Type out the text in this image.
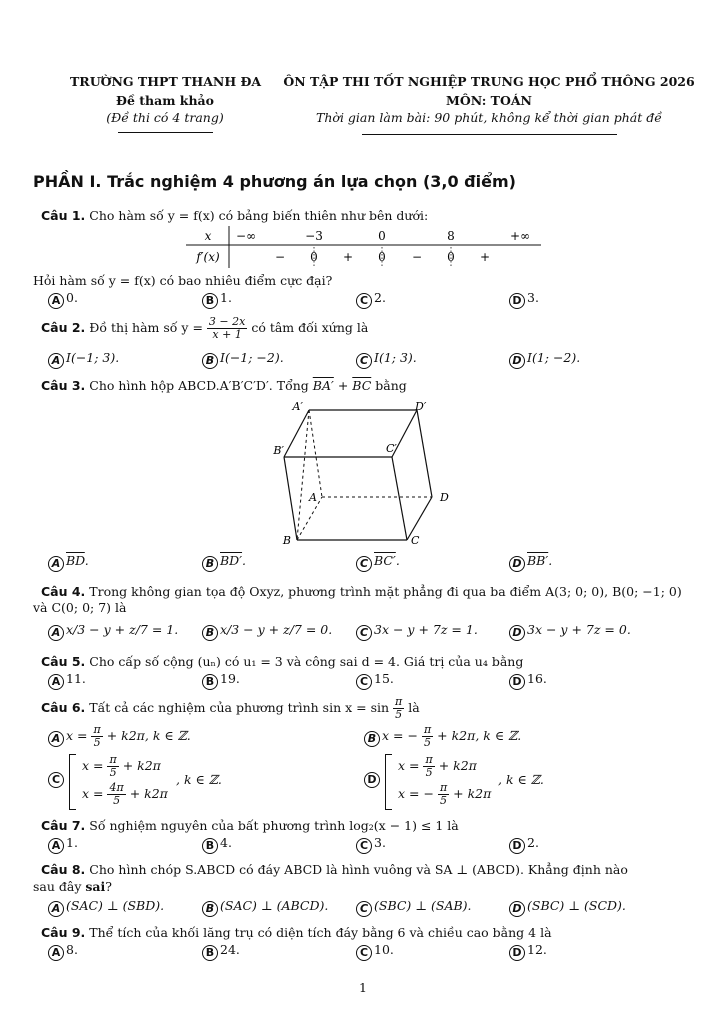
TRƯỜNG THPT THANH ĐA
Đề tham khảo
(Đề thi có 4 trang)
ÔN TẬP THI TỐT NGHIỆP TRUNG HỌC PHỔ THÔNG 2026
MÔN: TOÁN
Thời gian làm bài: 90 phút, không kể thời gian phát đề
PHẦN I. Trắc nghiệm 4 phương án lựa chọn (3,0 điểm)
Câu 1. Cho hàm số y = f(x) có bảng biến thiên như bên dưới:
x −∞	−3	0	8	+∞
f′(x)	− 0 + 0 − 0 +
Hỏi hàm số y = f(x) có bao nhiêu điểm cực đại?
A 0.	B 1.	C 2.	D 3.
Câu 2. Đồ thị hàm số $y = \frac{3 - 2x}{x + 1}$ có tâm đối xứng là
A I(−1; 3).	B I(−1; −2).	C I(1; 3).	D I(1; −2).
Câu 3. Cho hình hộp ABCD.A′B′C′D′. Tổng $BA' + \overline{BC}$ bằng
A′	D′
B′	C′
A	D
B	C
A $\overline{BD}$.	B BD′.	C BC′.	D BB′.
Câu 4. Trong không gian tọa độ Oxyz, phương trình mặt phẳng đi qua ba điểm A(3; 0; 0), B(0; −1; 0)
và C(0; 0; 7) là
A x/3 − y + z/7 = 1.	B x/3 − y + z/7 = 0.	C 3x − y + 7z = 1.	D 3x − y + 7z = 0.
Câu 5. Cho cấp số cộng (uₙ) có u₁ = 3 và công sai d = 4. Giá trị của u₄ bằng
A 11.	B 19.	C 15.	D 16.
Câu 6. Tất cả các nghiệm của phương trình $\sin x = \sin \frac{\pi}{5}$ là
A $x = \frac{\pi}{5} + k2\pi$, k ∈ ℤ.	B x = − $\frac{\pi}{5} + k2\pi$, k ∈ ℤ.
C
$x = \frac{\pi}{5} + k2\pi$
$x = \frac{4\pi}{5} + k2\pi$
, k ∈ ℤ.	D
$x = \frac{\pi}{5} + k2\pi$
x = − $\frac{\pi}{5} + k2\pi$
, k ∈ ℤ.
Câu 7. Số nghiệm nguyên của bất phương trình log₂(x − 1) ≤ 1 là
A 1.	B 4.	C 3.	D 2.
Câu 8. Cho hình chóp S.ABCD có đáy ABCD là hình vuông và SA ⊥ (ABCD). Khẳng định nào
sau đây sai?
A (SAC) ⊥ (SBD).	B (SAC) ⊥ (ABCD).	C (SBC) ⊥ (SAB).	D (SBC) ⊥ (SCD).
Câu 9. Thể tích của khối lăng trụ có diện tích đáy bằng 6 và chiều cao bằng 4 là
A 8.	B 24.	C 10.	D 12.
1
